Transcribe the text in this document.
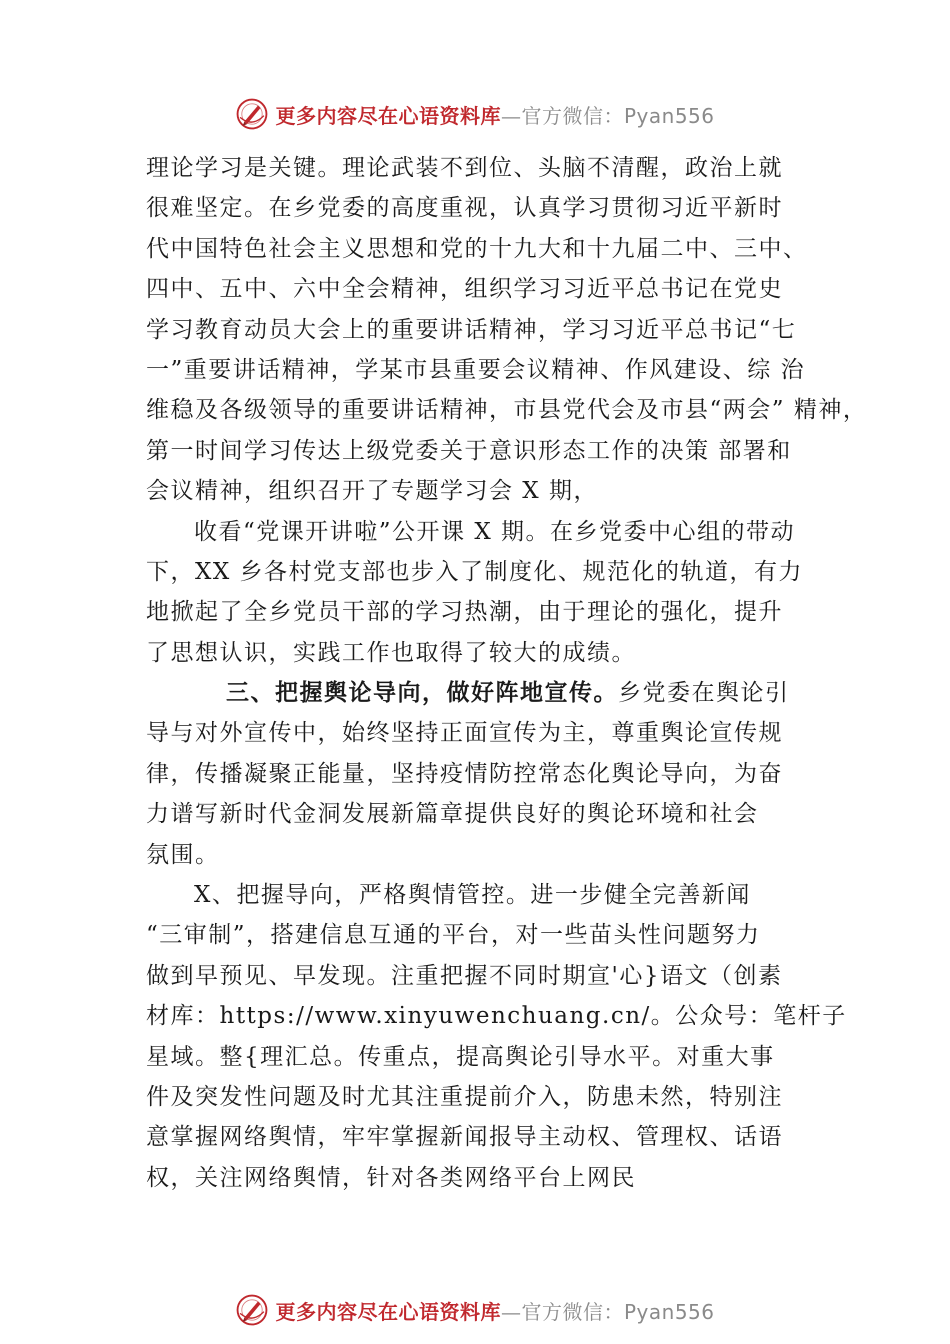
更多内容尽在心语资料库—官方微信：Pyan556
理论学习是关键。理论武装不到位、头脑不清醒，政治上就
很难坚定。在乡党委的高度重视，认真学习贯彻习近平新时
代中国特色社会主义思想和党的十九大和十九届二中、三中、
四中、五中、六中全会精神，组织学习习近平总书记在党史
学习教育动员大会上的重要讲话精神，学习习近平总书记“七
一”重要讲话精神，学某市县重要会议精神、作风建设、综 治
维稳及各级领导的重要讲话精神，市县党代会及市县“两会” 精神，
第一时间学习传达上级党委关于意识形态工作的决策 部署和
会议精神，组织召开了专题学习会 X 期，
收看“党课开讲啦”公开课 X 期。在乡党委中心组的带动
下，XX 乡各村党支部也步入了制度化、规范化的轨道，有力
地掀起了全乡党员干部的学习热潮，由于理论的强化，提升
了思想认识，实践工作也取得了较大的成绩。
三、把握舆论导向，做好阵地宣传。乡党委在舆论引
导与对外宣传中，始终坚持正面宣传为主，尊重舆论宣传规
律，传播凝聚正能量，坚持疫情防控常态化舆论导向，为奋
力谱写新时代金洞发展新篇章提供良好的舆论环境和社会
氛围。
X、把握导向，严格舆情管控。进一步健全完善新闻
“三审制”，搭建信息互通的平台，对一些苗头性问题努力
做到早预见、早发现。注重把握不同时期宣'心}语文（创素
材库：https://www.xinyuwenchuang.cn/。公众号：笔杆子
星域。整{理汇总。传重点，提高舆论引导水平。对重大事
件及突发性问题及时尤其注重提前介入，防患未然，特别注
意掌握网络舆情，牢牢掌握新闻报导主动权、管理权、话语
权，关注网络舆情，针对各类网络平台上网民
更多内容尽在心语资料库—官方微信：Pyan556
